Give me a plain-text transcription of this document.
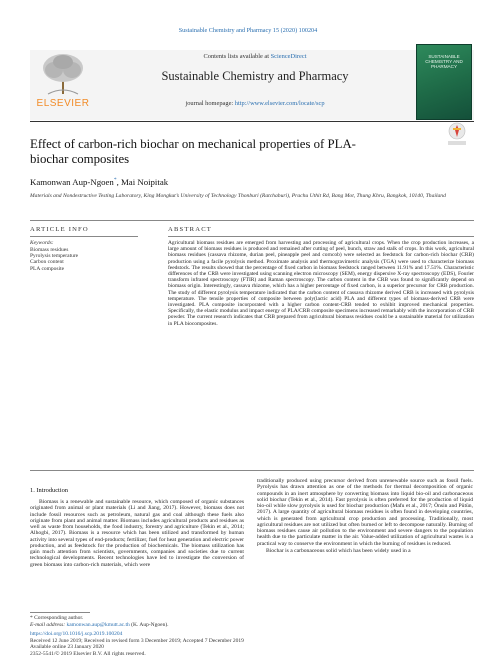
Sustainable Chemistry and Pharmacy 15 (2020) 100204
ELSEVIER
Contents lists available at ScienceDirect
Sustainable Chemistry and Pharmacy
journal homepage: http://www.elsevier.com/locate/scp
SUSTAINABLE CHEMISTRY AND PHARMACY
Effect of carbon-rich biochar on mechanical properties of PLA-biochar composites
Kamonwan Aup-Ngoen*, Mai Noipitak
Materials and Nondestructive Testing Laboratory, King Mongkut’s University of Technology Thonburi (Ratchaburi), Prachu Uthit Rd, Bang Mot, Thung Khru, Bangkok, 10140, Thailand
ARTICLE INFO
Keywords:
Biomass residues
Pyrolysis temperature
Carbon content
PLA composite
ABSTRACT
Agricultural biomass residues are emerged from harvesting and processing of agricultural crops. When the crop production increases, a large amount of biomass residues is produced and remained after cutting of peel, bunch, straw and stalk of crops. In this work, agricultural biomass residues (cassava rhizome, durian peel, pineapple peel and corncob) were selected as feedstock for carbon-rich biochar (CRB) production using a facile pyrolysis method. Proximate analysis and thermogravimetric analysis (TGA) were used to characterize biomass feedstock. The results showed that the percentage of fixed carbon in biomass feedstock ranged between 11.91% and 17.51%. Characteristic differences of the CRB were investigated using scanning electron microscopy (SEM), energy dispersive X-ray spectroscopy (EDS), Fourier transform infrared spectroscopy (FTIR) and Raman spectroscopy. The carbon content in the CRB was found to significantly depend on biomass origin. Interestingly, cassava rhizome, which has a higher percentage of fixed carbon, is a superior precursor for CRB production. The study of different pyrolysis temperature indicated that the carbon content of cassava rhizome derived CRB is increased with pyrolysis temperature. The tensile properties of composite between poly(lactic acid) PLA and different types of biomass-derived CRB were investigated. PLA composite incorporated with a higher carbon content-CRB tended to exhibit improved mechanical properties. Specifically, the elastic modulus and impact energy of PLA/CRB composite specimens increased remarkably with the incorporation of CRB powder. The current research indicates that CRB prepared from agricultural biomass residues could be a sustainable material for utilization in PLA biocomposites.
1. Introduction

Biomass is a renewable and sustainable resource, which composed of organic substances originated from animal or plant materials (Li and Jiang, 2017). However, biomass does not include fossil resources such as petroleum, natural gas and coal although these fuels also originate from plant and animal matter. Biomass includes agricultural products and residues as well as waste from households, the food industry, forestry and agriculture (Tekin et al., 2014; Alhogbi, 2017). Biomass is a resource which has been utilized and transformed by human activity into several types of end-products; fertilizer, fuel for heat generation and electric power production, and as feedstock for the production of biochemicals. The biomass utilization has gain much attention from scientists, governments, companies and societies due to current technological developments. Recent technologies have led to investigate the conversion of green biomass into carbon-rich materials, which were

traditionally produced using precursor derived from unrenewable source such as fossil fuels. Pyrolysis has drawn attention as one of the methods for thermal decomposition of organic compounds in an inert atmosphere by converting biomass into liquid bio-oil and carbonaceous solid biochar (Tekin et al., 2014). Fast pyrolysis is often preferred for the production of liquid bio-oil while slow pyrolysis is used for biochar production (Mafu et al., 2017; Önsin and Pütün, 2017). A large quantity of agricultural biomass residues is often found in developing countries, which is generated from agricultural crop production and processing. Traditionally, most agricultural residues are not utilized but often burned or left to decompose naturally. Burning of biomass residues cause air pollution to the environment and severe dangers to the population health due to the particulate matter in the air. Value-added utilization of agricultural wastes is a practical way to conserve the environment in which the burning of residues is reduced.

Biochar is a carbonaceous solid which has been widely used in a

* Corresponding author.
E-mail address: kamonwan.aup@kmutt.ac.th (K. Aup-Ngoen).
https://doi.org/10.1016/j.scp.2019.100204
Received 12 June 2019; Received in revised form 3 December 2019; Accepted 7 December 2019
Available online 23 January 2020
2352-5541/© 2019 Elsevier B.V. All rights reserved.
